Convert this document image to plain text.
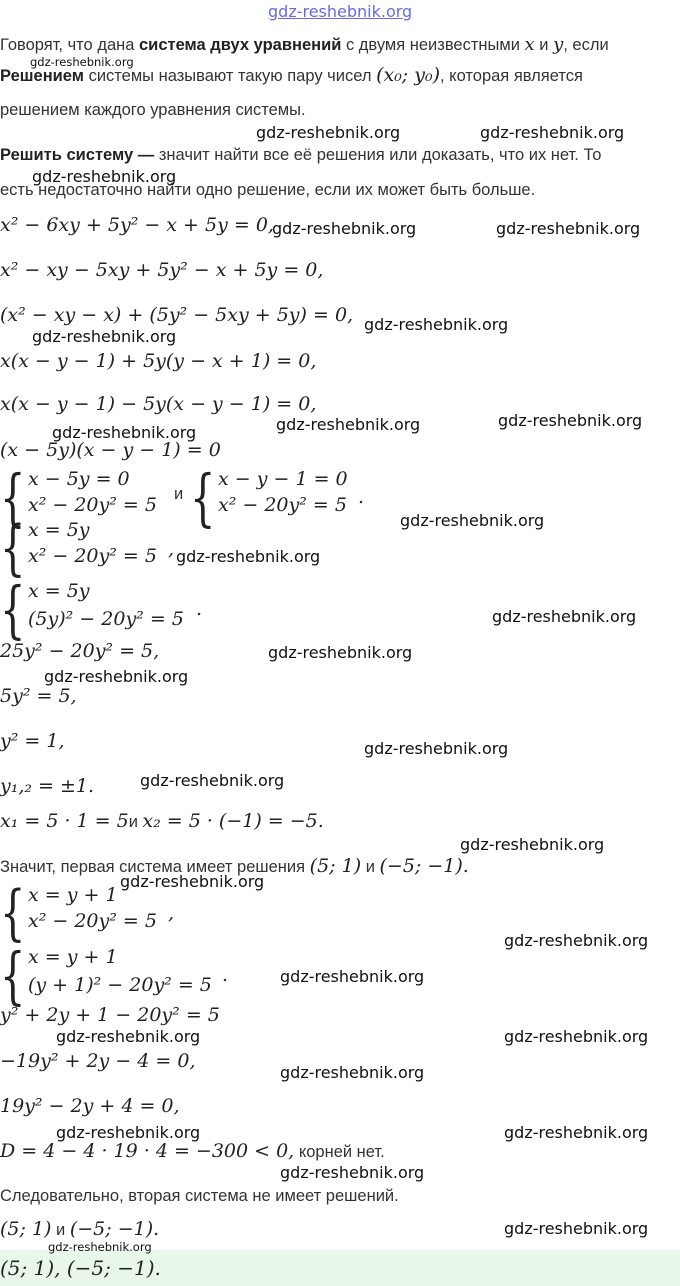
gdz-reshebnik.org
Говорят, что дана система двух уравнений с двумя неизвестными x и y, если
gdz-reshebnik.org
Решением системы называют такую пару чисел (x₀; y₀), которая является
решением каждого уравнения системы.
gdz-reshebnik.org	gdz-reshebnik.org
Решить систему — значит найти все её решения или доказать, что их нет. То
gdz-reshebnik.org
есть недостаточно найти одно решение, если их может быть больше.
x² − 6xy + 5y² − x + 5y = 0,
gdz-reshebnik.org	gdz-reshebnik.org
x² − xy − 5xy + 5y² − x + 5y = 0,
(x² − xy − x) + (5y² − 5xy + 5y) = 0, gdz-reshebnik.org
gdz-reshebnik.org
x(x − y − 1) + 5y(y − x + 1) = 0,
x(x − y − 1) − 5y(x − y − 1) = 0,
gdz-reshebnik.org
gdz-reshebnik.org
gdz-reshebnik.org
(x − 5y)(x − y − 1) = 0
{ x − 5y = 0
x² − 20y² = 5 и { x − y − 1 = 0
x² − 20y² = 5 .
gdz-reshebnik.org
{ x = 5y
x² − 20y² = 5 , gdz-reshebnik.org
{ x = 5y
(5y)² − 20y² = 5 .	gdz-reshebnik.org
25y² − 20y² = 5,	gdz-reshebnik.org
gdz-reshebnik.org
5y² = 5,
y² = 1,	gdz-reshebnik.org
y₁,₂ = ±1.	gdz-reshebnik.org
x₁ = 5 · 1 = 5и x₂ = 5 · (−1) = −5.
gdz-reshebnik.org
Значит, первая система имеет решения (5; 1) и (−5; −1).
gdz-reshebnik.org
{ x = y + 1
x² − 20y² = 5 ,
gdz-reshebnik.org
{ x = y + 1
(y + 1)² − 20y² = 5 .	gdz-reshebnik.org
y² + 2y + 1 − 20y² = 5
gdz-reshebnik.org	gdz-reshebnik.org
−19y² + 2y − 4 = 0,
gdz-reshebnik.org
19y² − 2y + 4 = 0,
gdz-reshebnik.org	gdz-reshebnik.org
D = 4 − 4 · 19 · 4 = −300 < 0, корней нет.
gdz-reshebnik.org
Следовательно, вторая система не имеет решений.
(5; 1) и (−5; −1).	gdz-reshebnik.org
gdz-reshebnik.org
(5; 1), (−5; −1).
